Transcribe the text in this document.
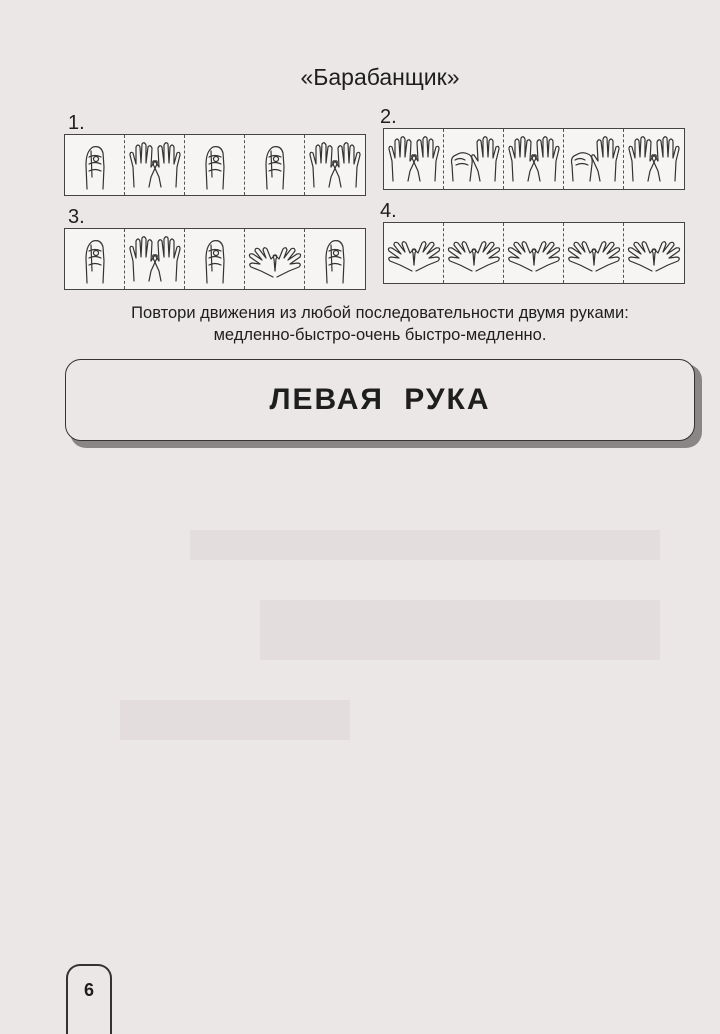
«Барабанщик»
1.	2.
3.	4.
Повтори движения из любой последовательности двумя руками:
медленно-быстро-очень быстро-медленно.
ЛЕВАЯ РУКА
6
